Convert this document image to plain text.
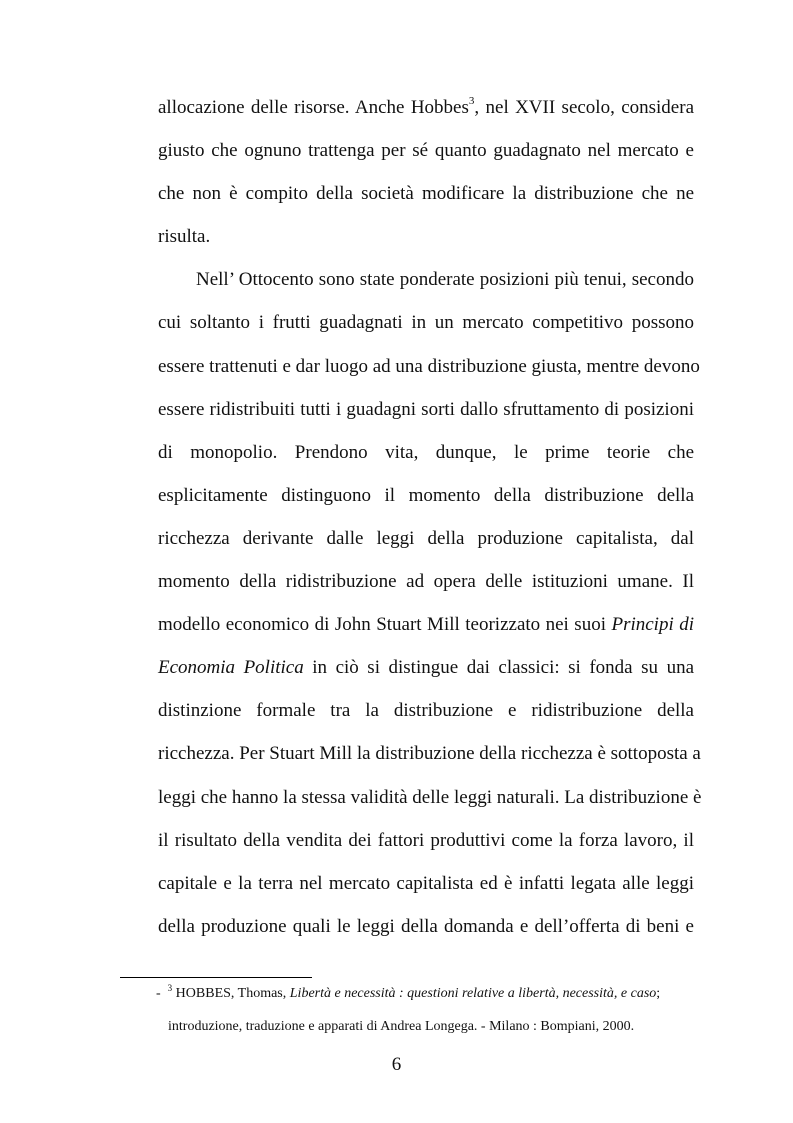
allocazione delle risorse. Anche Hobbes$^3$, nel XVII secolo, considera
giusto che ognuno trattenga per sé quanto guadagnato nel mercato e
che non è compito della società modificare la distribuzione che ne
risulta.
Nell’ Ottocento sono state ponderate posizioni più tenui, secondo
cui soltanto i frutti guadagnati in un mercato competitivo possono
essere trattenuti e dar luogo ad una distribuzione giusta, mentre devono
essere ridistribuiti tutti i guadagni sorti dallo sfruttamento di posizioni
di monopolio. Prendono vita, dunque, le prime teorie che
esplicitamente distinguono il momento della distribuzione della
ricchezza derivante dalle leggi della produzione capitalista, dal
momento della ridistribuzione ad opera delle istituzioni umane. Il
modello economico di John Stuart Mill teorizzato nei suoi Principi di
Economia Politica in ciò si distingue dai classici: si fonda su una
distinzione formale tra la distribuzione e ridistribuzione della
ricchezza. Per Stuart Mill la distribuzione della ricchezza è sottoposta a
leggi che hanno la stessa validità delle leggi naturali. La distribuzione è
il risultato della vendita dei fattori produttivi come la forza lavoro, il
capitale e la terra nel mercato capitalista ed è infatti legata alle leggi
della produzione quali le leggi della domanda e dell’offerta di beni e
- $^3$ HOBBES, Thomas, Libertà e necessità : questioni relative a libertà, necessità, e caso;
introduzione, traduzione e apparati di Andrea Longega. - Milano : Bompiani, 2000.
6
